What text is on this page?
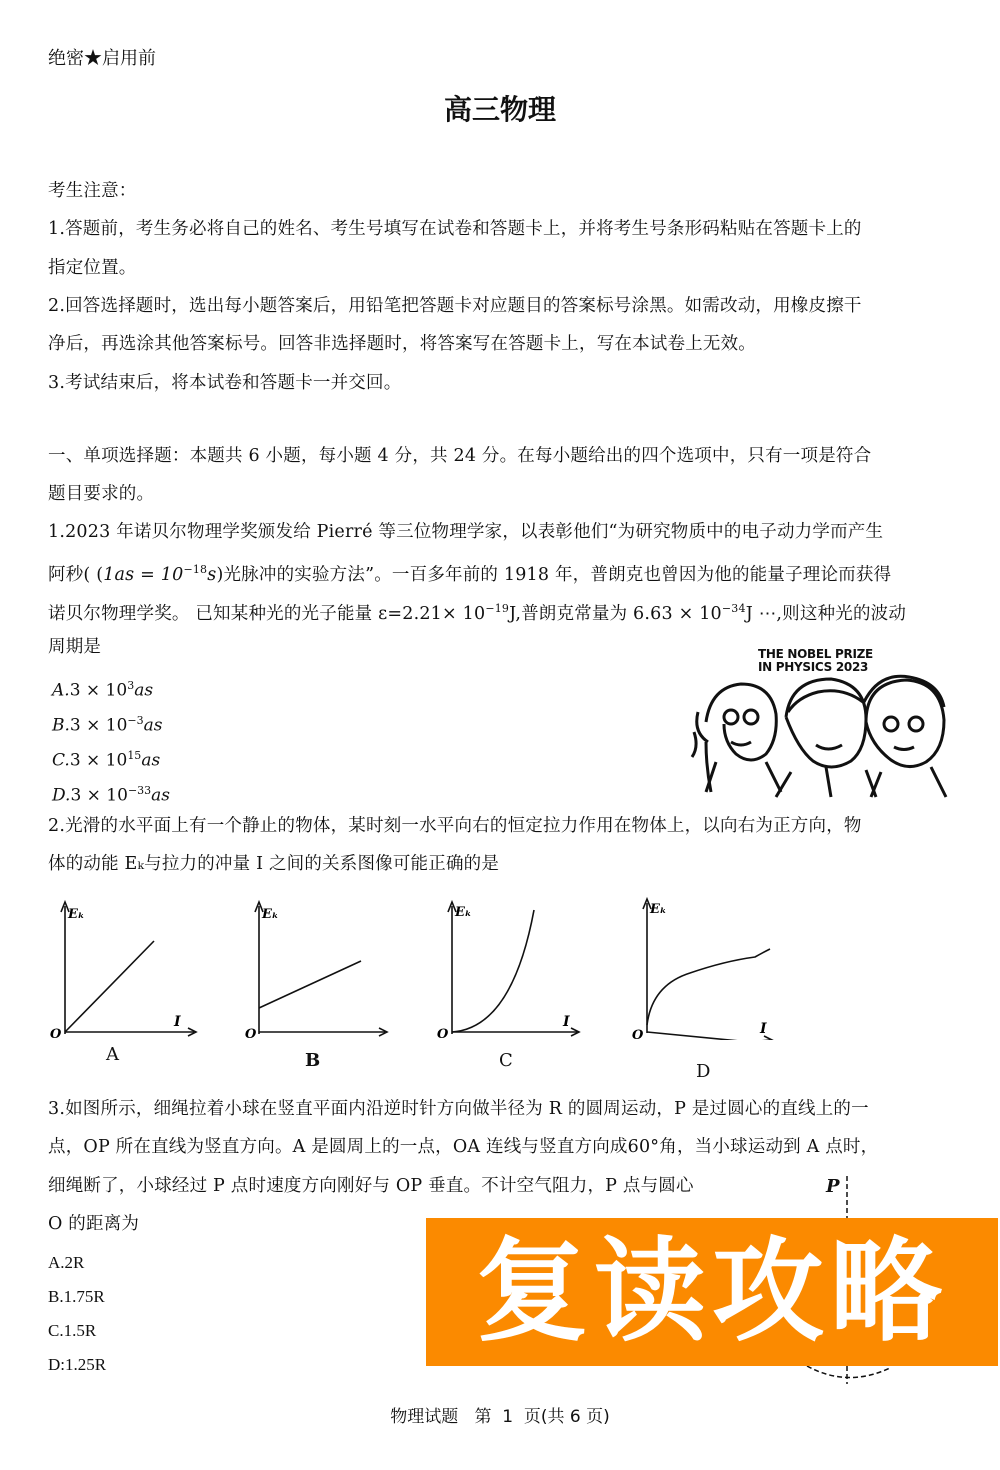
绝密★启用前
高三物理
考生注意：
1.答题前，考生务必将自己的姓名、考生号填写在试卷和答题卡上，并将考生号条形码粘贴在答题卡上的
指定位置。
2.回答选择题时，选出每小题答案后，用铅笔把答题卡对应题目的答案标号涂黑。如需改动，用橡皮擦干
净后，再选涂其他答案标号。回答非选择题时，将答案写在答题卡上，写在本试卷上无效。
3.考试结束后，将本试卷和答题卡一并交回。
一、单项选择题：本题共 6 小题，每小题 4 分，共 24 分。在每小题给出的四个选项中，只有一项是符合
题目要求的。
1.2023 年诺贝尔物理学奖颁发给 Pierré 等三位物理学家，以表彰他们“为研究物质中的电子动力学而产生
阿秒( $(1as = 10^{-18}s)$光脉冲的实验方法”。一百多年前的 1918 年，普朗克也曾因为他的能量子理论而获得
诺贝尔物理学奖。 已知某种光的光子能量 $\varepsilon=2.21\times 10^{-19}J$,普朗克常量为 $6.63 \times 10^{-34}J$ ⋯,则这种光的波动
周期是
$A.3 \times 10^3as$
$B.3 \times 10^{-3}as$
$C.3 \times 10^{15}as$
$D.3 \times 10^{-33}as$
THE NOBEL PRIZE
IN PHYSICS 2023
2.光滑的水平面上有一个静止的物体，某时刻一水平向右的恒定拉力作用在物体上，以向右为正方向，物
体的动能 Eₖ与拉力的冲量 I 之间的关系图像可能正确的是
Eₖ
O
I
A
Eₖ
O
B
Eₖ
O
I
C
Eₖ
O	I
D
3.如图所示，细绳拉着小球在竖直平面内沿逆时针方向做半径为 R 的圆周运动，P 是过圆心的直线上的一
点，OP 所在直线为竖直方向。A 是圆周上的一点，OA 连线与竖直方向成60°角，当小球运动到 A 点时，
细绳断了，小球经过 P 点时速度方向刚好与 OP 垂直。不计空气阻力，P 点与圆心
O 的距离为
A.2R
B.1.75R
C.1.5R
D:1.25R
P
复读攻略
物理试题   第  1  页(共 6 页)
